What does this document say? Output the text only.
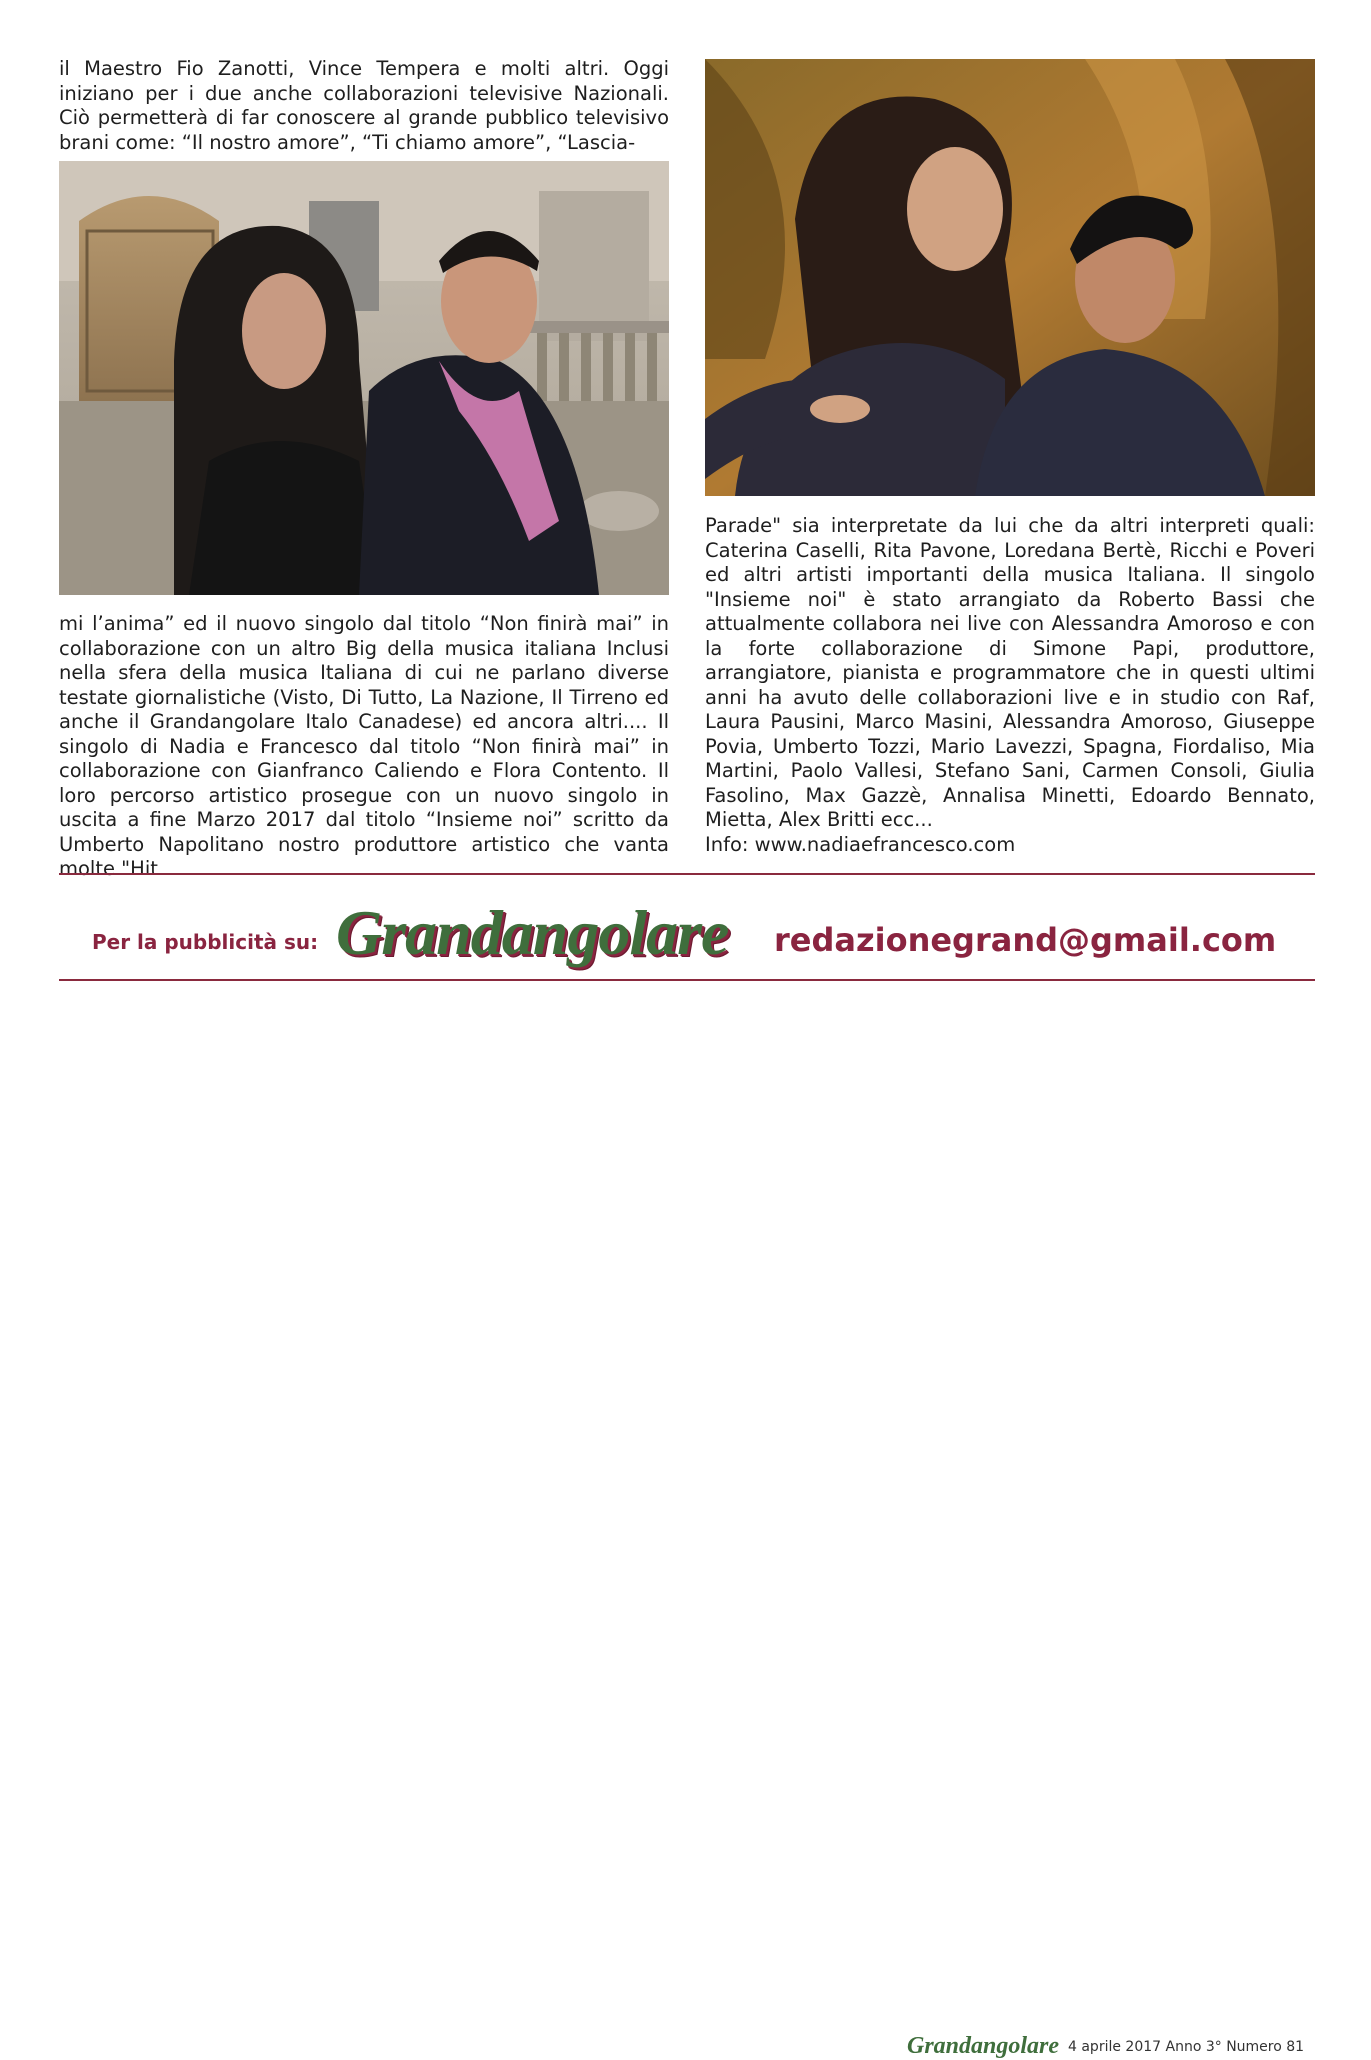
il Maestro Fio Zanotti, Vince Tempera e molti altri. Oggi iniziano per i due anche collaborazioni televisive Nazionali. Ciò permetterà di far conoscere al grande pubblico televisivo brani come: “Il nostro amore”, “Ti chiamo amore”, “Lascia-

mi l’anima” ed il nuovo singolo dal titolo “Non finirà mai” in collaborazione con un altro Big della musica italiana Inclusi nella sfera della musica Italiana di cui ne parlano diverse testate giornalistiche (Visto, Di Tutto, La Nazione, Il Tirreno ed anche il Grandangolare Italo Canadese) ed ancora altri.... Il singolo di Nadia e Francesco dal titolo “Non finirà mai” in collaborazione con Gianfranco Caliendo e Flora Contento. Il loro percorso artistico prosegue con un nuovo singolo in uscita a fine Marzo 2017 dal titolo “Insieme noi” scritto da Umberto Napolitano nostro produttore artistico che vanta molte "Hit

Parade" sia interpretate da lui che da altri interpreti quali: Caterina Caselli, Rita Pavone, Loredana Bertè, Ricchi e Poveri ed altri artisti importanti della musica Italiana. Il singolo "Insieme noi" è stato arrangiato da Roberto Bassi che attualmente collabora nei live con Alessandra Amoroso e con la forte collaborazione di Simone Papi, produttore, arrangiatore, pianista e programmatore che in questi ultimi anni ha avuto delle collaborazioni live e in studio con Raf, Laura Pausini, Marco Masini, Alessandra Amoroso, Giuseppe Povia, Umberto Tozzi, Mario Lavezzi, Spagna, Fiordaliso, Mia Martini, Paolo Vallesi, Stefano Sani, Carmen Consoli, Giulia Fasolino, Max Gazzè, Annalisa Minetti, Edoardo Bennato, Mietta, Alex Britti ecc...

Info: www.nadiaefrancesco.com

Per la pubblicità su: Grandangolare redazionegrand@gmail.com
Grandangolare 4 aprile 2017 Anno 3° Numero 81
